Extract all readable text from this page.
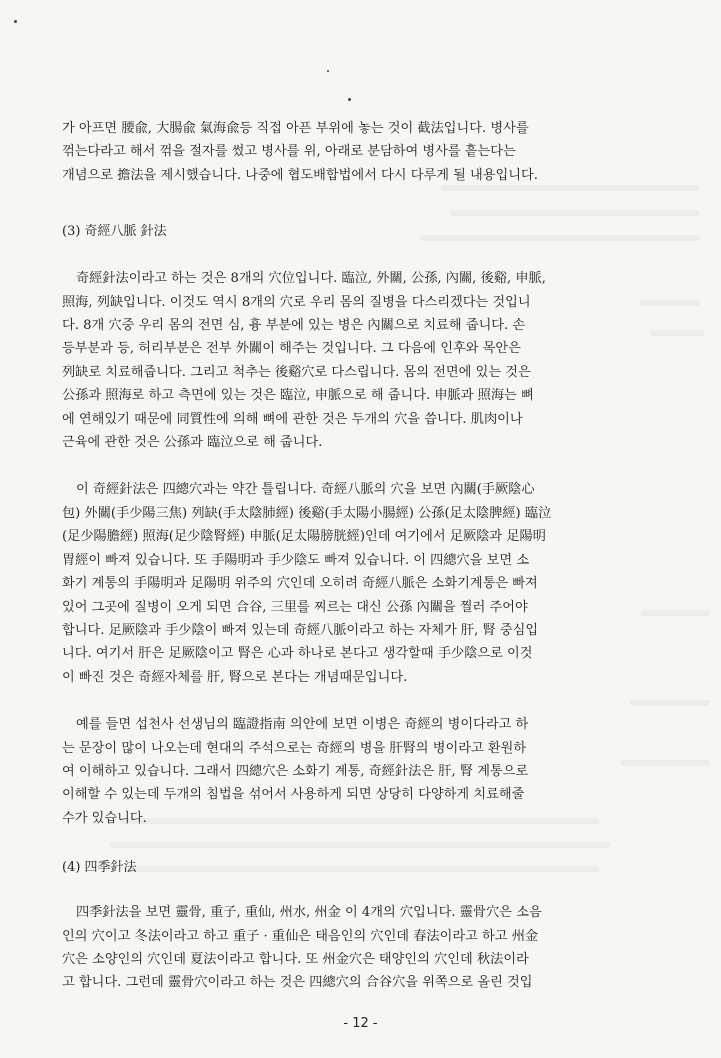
가 아프면 腰兪, 大腸兪 氣海兪등 직접 아픈 부위에 놓는 것이 截法입니다. 병사를
꺾는다라고 해서 꺾을 절자를 썼고 병사를 위, 아래로 분담하여 병사를 흩는다는
개념으로 擔法을 제시했습니다. 나중에 협도배합법에서 다시 다루게 될 내용입니다.
(3) 奇經八脈 針法
奇經針法이라고 하는 것은 8개의 穴位입니다. 臨泣, 外關, 公孫, 內關, 後谿, 申脈,
照海, 列缺입니다. 이것도 역시 8개의 穴로 우리 몸의 질병을 다스리겠다는 것입니
다. 8개 穴중 우리 몸의 전면 심, 흉 부분에 있는 병은 內關으로 치료해 줍니다. 손
등부분과 등, 허리부분은 전부 外關이 해주는 것입니다. 그 다음에 인후와 목안은
列缺로 치료해줍니다. 그리고 척추는 後谿穴로 다스립니다. 몸의 전면에 있는 것은
公孫과 照海로 하고 측면에 있는 것은 臨泣, 申脈으로 해 줍니다. 申脈과 照海는 뼈
에 연해있기 때문에 同質性에 의해 뼈에 관한 것은 두개의 穴을 씁니다. 肌肉이나
근육에 관한 것은 公孫과 臨泣으로 해 줍니다.
이 奇經針法은 四總穴과는 약간 틀립니다. 奇經八脈의 穴을 보면 內關(手厥陰心
包) 外關(手少陽三焦) 列缺(手太陰肺經) 後谿(手太陽小腸經) 公孫(足太陰脾經) 臨泣
(足少陽膽經) 照海(足少陰腎經) 申脈(足太陽膀胱經)인데 여기에서 足厥陰과 足陽明
胃經이 빠져 있습니다. 또 手陽明과 手少陰도 빠져 있습니다. 이 四總穴을 보면 소
화기 계통의 手陽明과 足陽明 위주의 穴인데 오히려 奇經八脈은 소화기계통은 빠져
있어 그곳에 질병이 오게 되면 合谷, 三里를 찌르는 대신 公孫 內關을 찔러 주어야
합니다. 足厥陰과 手少陰이 빠져 있는데 奇經八脈이라고 하는 자체가 肝, 腎 중심입
니다. 여기서 肝은 足厥陰이고 腎은 心과 하나로 본다고 생각할때 手少陰으로 이것
이 빠진 것은 奇經자체를 肝, 腎으로 본다는 개념때문입니다.
예를 들면 섭천사 선생님의 臨證指南 의안에 보면 이병은 奇經의 병이다라고 하
는 문장이 많이 나오는데 현대의 주석으로는 奇經의 병을 肝腎의 병이라고 환원하
여 이해하고 있습니다. 그래서 四總穴은 소화기 계통, 奇經針法은 肝, 腎 계통으로
이해할 수 있는데 두개의 침법을 섞어서 사용하게 되면 상당히 다양하게 치료해줄
수가 있습니다.
(4) 四季針法
四季針法을 보면 靈骨, 重子, 重仙, 州水, 州金 이 4개의 穴입니다. 靈骨穴은 소음
인의 穴이고 冬法이라고 하고 重子 · 重仙은 태음인의 穴인데 春法이라고 하고 州金
穴은 소양인의 穴인데 夏法이라고 합니다. 또 州金穴은 태양인의 穴인데 秋法이라
고 합니다. 그런데 靈骨穴이라고 하는 것은 四總穴의 合谷穴을 위쪽으로 올린 것입
- 12 -
